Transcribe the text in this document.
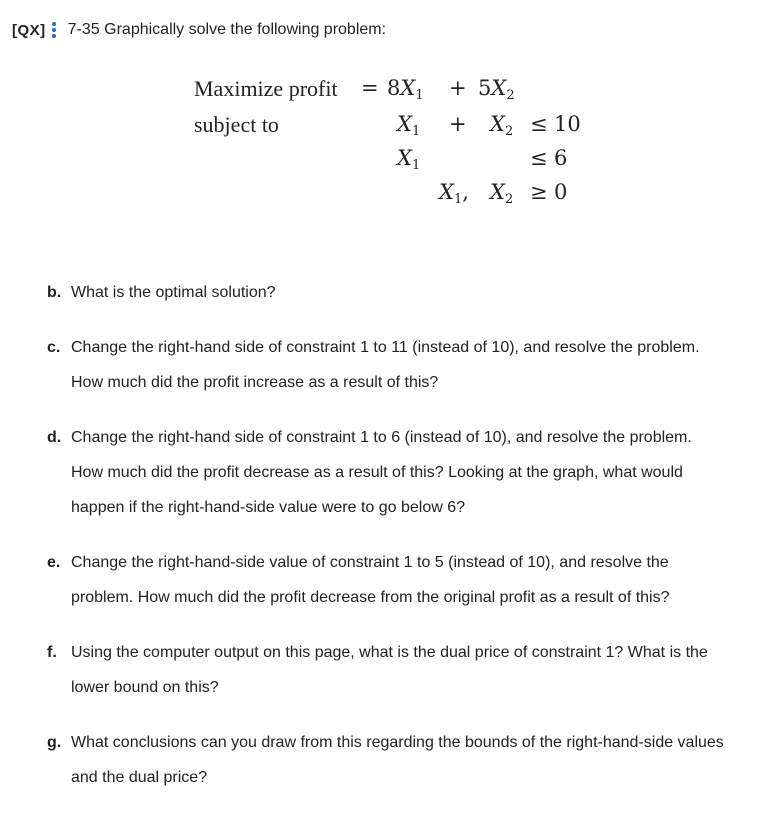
[QX] 7-35 Graphically solve the following problem:
Maximize profit = $8X_1 + 5X_2$
subject to	$X_1 + X_2 \le 10$
$X_1$	≤ 6
$X_1$, $X_2 \ge 0$
b. What is the optimal solution?
c. Change the right-hand side of constraint 1 to 11 (instead of 10), and resolve the problem.
How much did the profit increase as a result of this?
d. Change the right-hand side of constraint 1 to 6 (instead of 10), and resolve the problem.
How much did the profit decrease as a result of this? Looking at the graph, what would
happen if the right-hand-side value were to go below 6?
e. Change the right-hand-side value of constraint 1 to 5 (instead of 10), and resolve the
problem. How much did the profit decrease from the original profit as a result of this?
f. Using the computer output on this page, what is the dual price of constraint 1? What is the
lower bound on this?
g. What conclusions can you draw from this regarding the bounds of the right-hand-side values
and the dual price?
